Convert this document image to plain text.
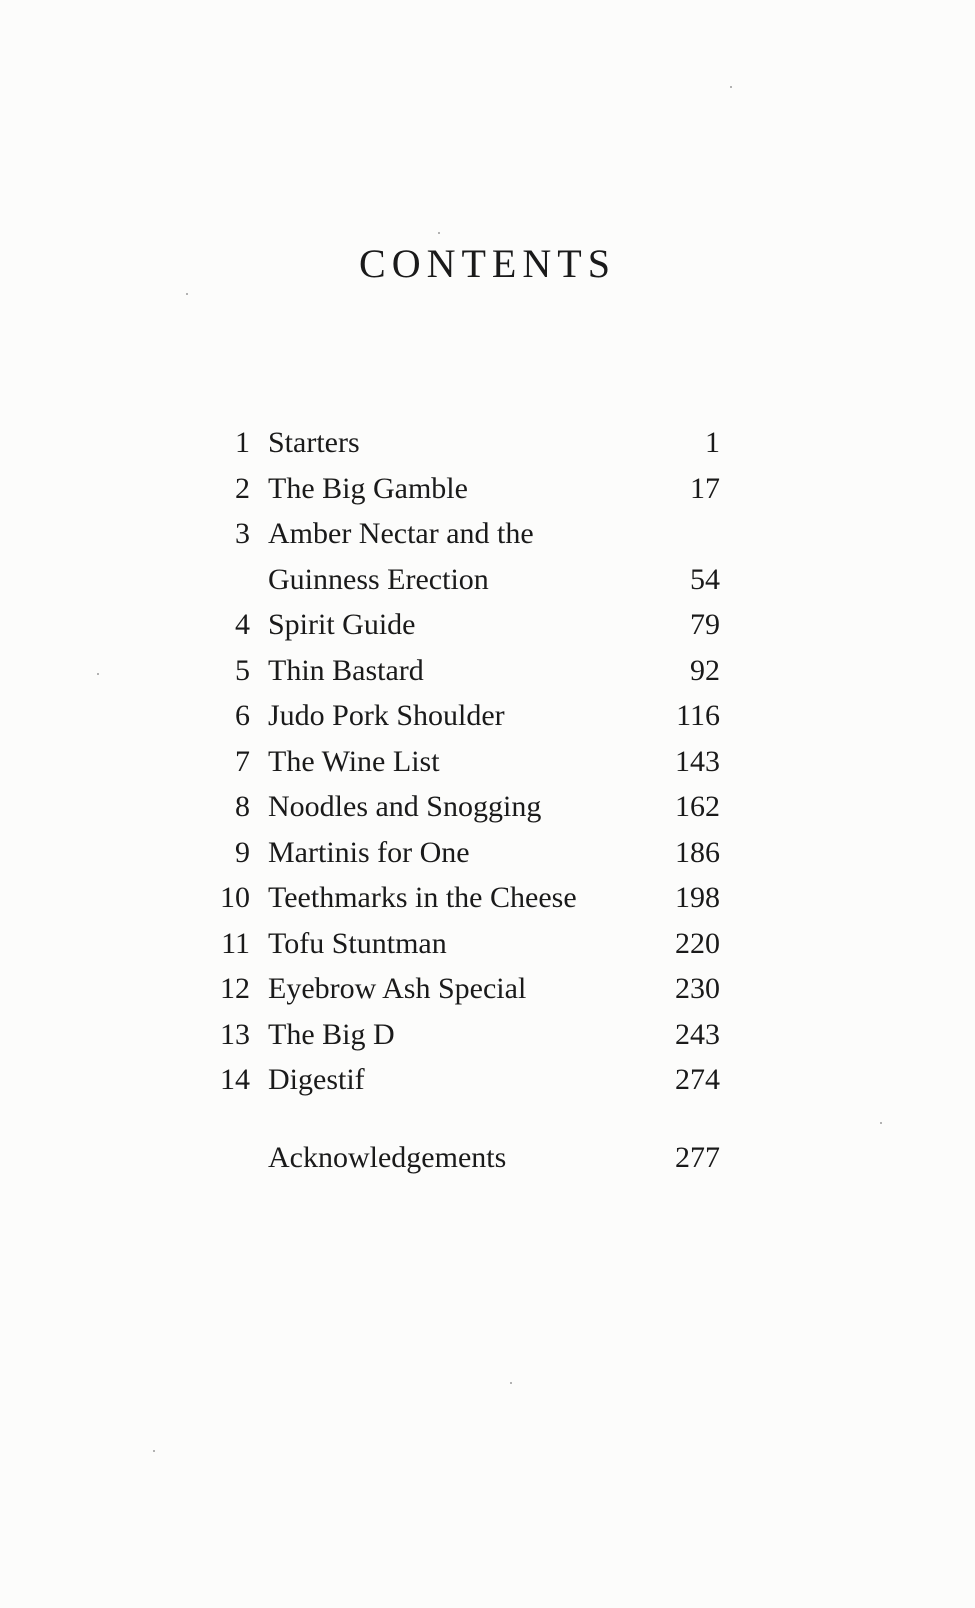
CONTENTS
1 Starters	1
2 The Big Gamble	17
3 Amber Nectar and the
Guinness Erection	54
4 Spirit Guide	79
5 Thin Bastard	92
6 Judo Pork Shoulder	116
7 The Wine List	143
8 Noodles and Snogging	162
9 Martinis for One	186
10 Teethmarks in the Cheese	198
11 Tofu Stuntman	220
12 Eyebrow Ash Special	230
13 The Big D	243
14 Digestif	274
Acknowledgements	277
